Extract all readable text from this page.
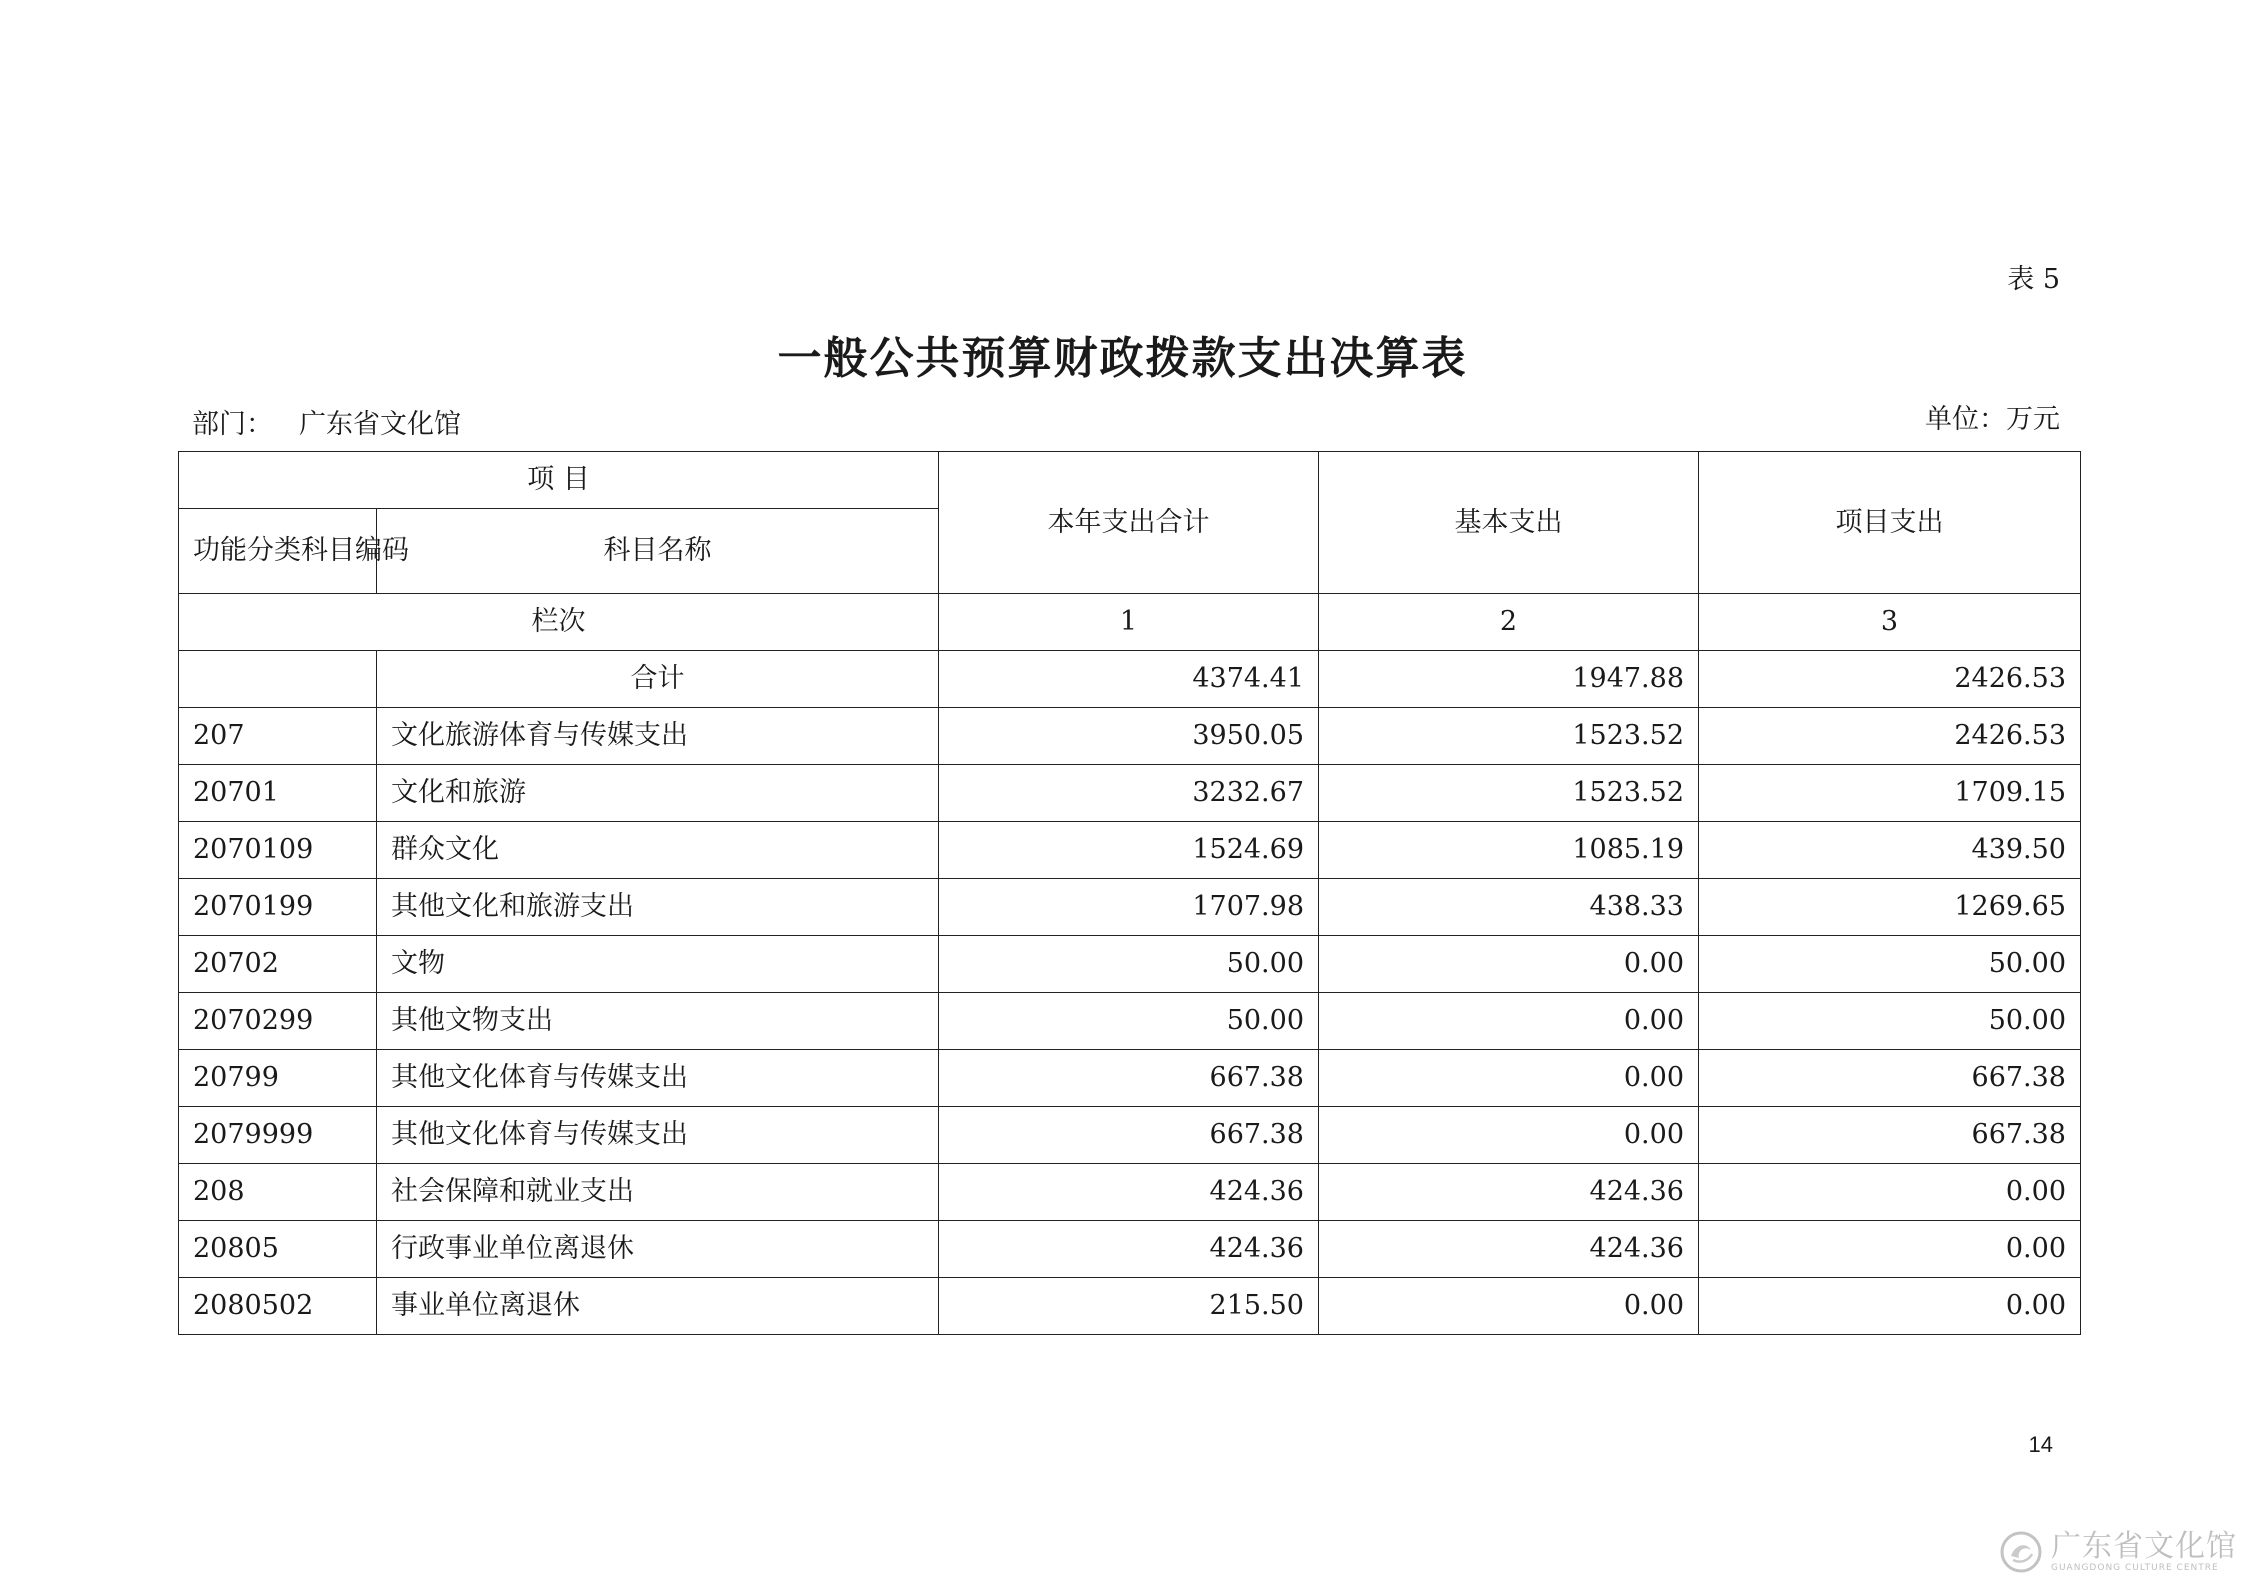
表 5
一般公共预算财政拨款支出决算表
部门： 广东省文化馆	单位：万元
项 目		本年支出合计	基本支出	项目支出
功能分类科目编码	科目名称			
栏次		1	2	3
	合计	4374.41	1947.88	2426.53
207	文化旅游体育与传媒支出	3950.05	1523.52	2426.53
20701	文化和旅游	3232.67	1523.52	1709.15
2070109	群众文化	1524.69	1085.19	439.50
2070199	其他文化和旅游支出	1707.98	438.33	1269.65
20702	文物	50.00	0.00	50.00
2070299	其他文物支出	50.00	0.00	50.00
20799	其他文化体育与传媒支出	667.38	0.00	667.38
2079999	其他文化体育与传媒支出	667.38	0.00	667.38
208	社会保障和就业支出	424.36	424.36	0.00
20805	行政事业单位离退休	424.36	424.36	0.00
2080502	事业单位离退休	215.50	0.00	0.00
14
广东省文化馆
GUANGDONG CULTURE CENTRE
